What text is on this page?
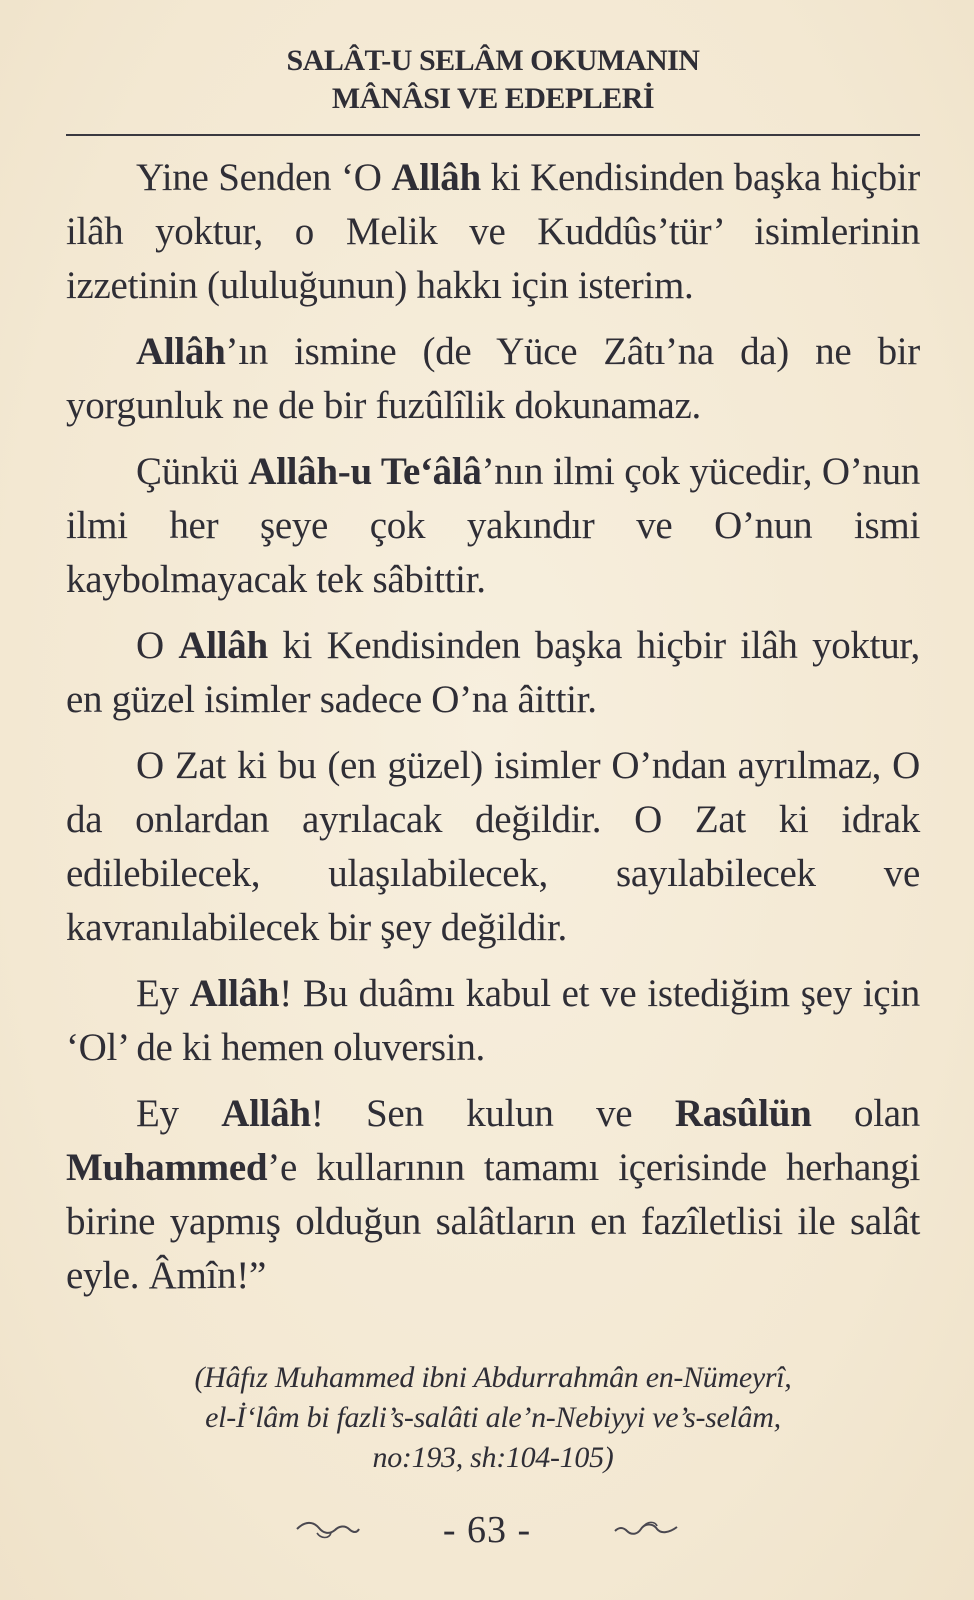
SALÂT-U SELÂM OKUMANIN
MÂNÂSI VE EDEPLERİ

Yine Senden ‘O Allâh ki Kendisinden başka hiçbir ilâh yoktur, o Melik ve Kuddûs’tür’ isimlerinin izzetinin (ululuğunun) hakkı için isterim.

Allâh’ın ismine (de Yüce Zâtı’na da) ne bir yorgunluk ne de bir fuzûlîlik dokunamaz.

Çünkü Allâh-u Te‘âlâ’nın ilmi çok yücedir, O’nun ilmi her şeye çok yakındır ve O’nun ismi kaybolmayacak tek sâbittir.

O Allâh ki Kendisinden başka hiçbir ilâh yoktur, en güzel isimler sadece O’na âittir.

O Zat ki bu (en güzel) isimler O’ndan ayrılmaz, O da onlardan ayrılacak değildir. O Zat ki idrak edilebilecek, ulaşılabilecek, sayılabilecek ve kavranılabilecek bir şey değildir.

Ey Allâh! Bu duâmı kabul et ve istediğim şey için ‘Ol’ de ki hemen oluversin.

Ey Allâh! Sen kulun ve Rasûlün olan Muhammed’e kullarının tamamı içerisinde herhangi birine yapmış olduğun salâtların en fazîletlisi ile salât eyle. Âmîn!”

(Hâfız Muhammed ibni Abdurrahmân en-Nümeyrî,
el-İ‘lâm bi fazli’s-salâti ale’n-Nebiyyi ve’s-selâm,
no:193, sh:104-105)
- 63 -
